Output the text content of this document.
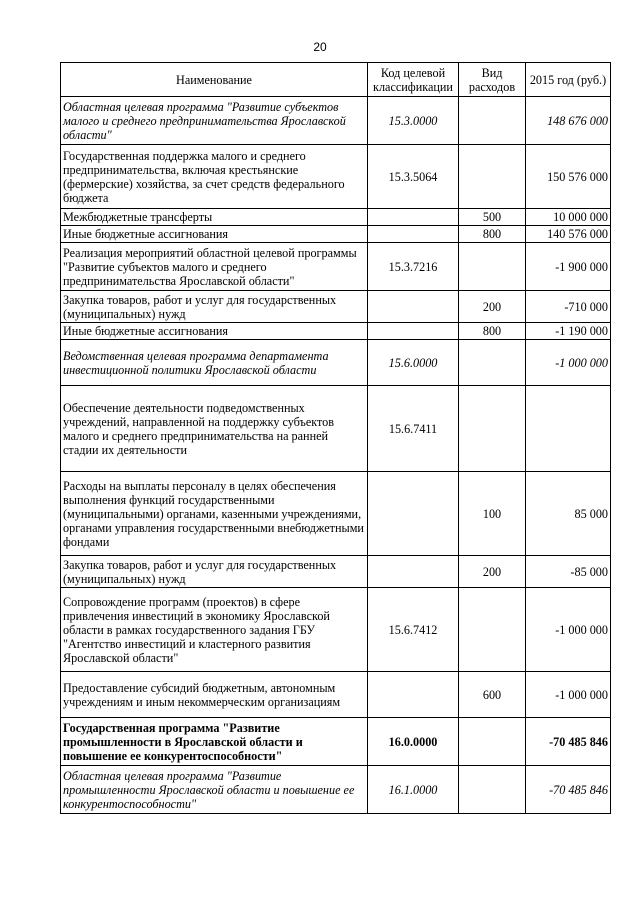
20
Наименование	Код целевой классификации	Вид расходов	2015 год (руб.)
Областная целевая программа "Развитие субъектов малого и среднего предпринимательства Ярославской области"	15.3.0000		148 676 000
Государственная поддержка малого и среднего предпринимательства, включая крестьянские (фермерские) хозяйства, за счет средств федерального бюджета	15.3.5064		150 576 000
Межбюджетные трансферты		500	10 000 000
Иные бюджетные ассигнования		800	140 576 000
Реализация мероприятий областной целевой программы "Развитие субъектов малого и среднего предпринимательства Ярославской области"	15.3.7216		-1 900 000
Закупка товаров, работ и услуг для государственных (муниципальных) нужд		200	-710 000
Иные бюджетные ассигнования		800	-1 190 000
Ведомственная целевая программа департамента инвестиционной политики Ярославской области	15.6.0000		-1 000 000
Обеспечение деятельности подведомственных учреждений, направленной на поддержку субъектов малого и среднего предпринимательства на ранней стадии их деятельности	15.6.7411		
Расходы на выплаты персоналу в целях обеспечения выполнения функций государственными (муниципальными) органами, казенными учреждениями, органами управления государственными внебюджетными фондами		100	85 000
Закупка товаров, работ и услуг для государственных (муниципальных) нужд		200	-85 000
Сопровождение программ (проектов) в сфере привлечения инвестиций в экономику Ярославской области в рамках государственного задания ГБУ "Агентство инвестиций и кластерного развития Ярославской области"	15.6.7412		-1 000 000
Предоставление субсидий бюджетным, автономным учреждениям и иным некоммерческим организациям		600	-1 000 000
Государственная программа "Развитие промышленности в Ярославской области и повышение ее конкурентоспособности"	16.0.0000		-70 485 846
Областная целевая программа "Развитие промышленности Ярославской области и повышение ее конкурентоспособности"	16.1.0000		-70 485 846
